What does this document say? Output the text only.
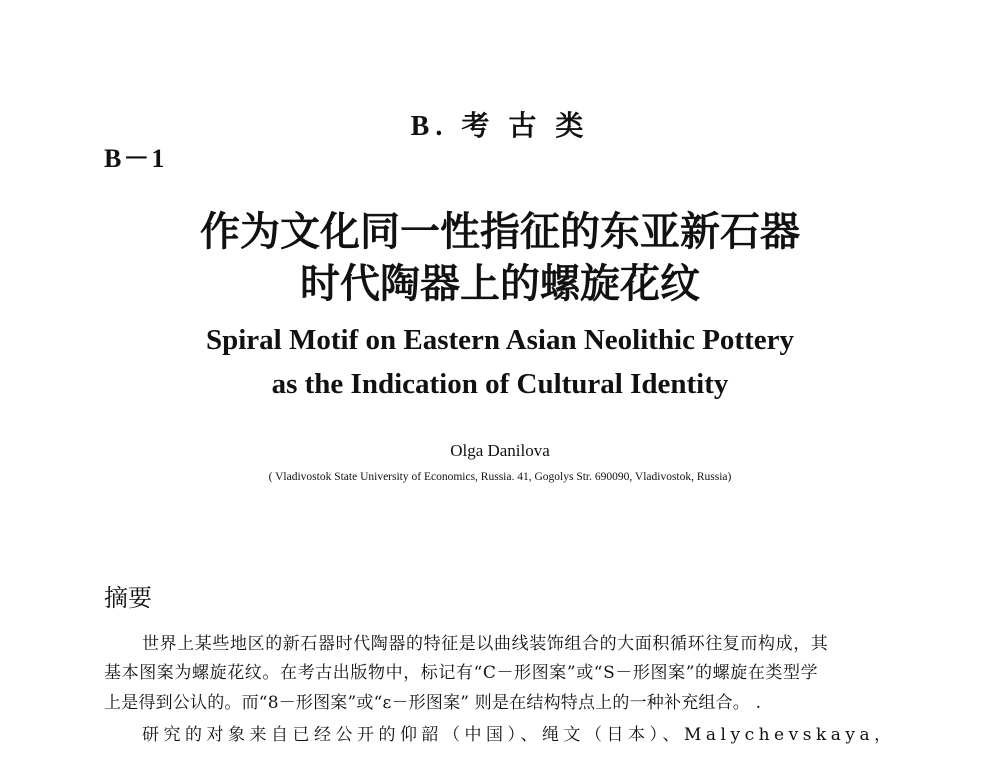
B. 考 古 类
B－1
作为文化同一性指征的东亚新石器
时代陶器上的螺旋花纹
Spiral Motif on Eastern Asian Neolithic Pottery
as the Indication of Cultural Identity
Olga Danilova
( Vladivostok State University of Economics, Russia. 41, Gogolys Str. 690090, Vladivostok, Russia)
摘要
世界上某些地区的新石器时代陶器的特征是以曲线装饰组合的大面积循环往复而构成，其
基本图案为螺旋花纹。在考古出版物中，标记有“C－形图案”或“S－形图案”的螺旋在类型学
上是得到公认的。而“8－形图案”或“ε－形图案” 则是在结构特点上的一种补充组合。 .
研究的对象来自已经公开的仰韶（中国）、绳文（日本）、Malychevskaya，
